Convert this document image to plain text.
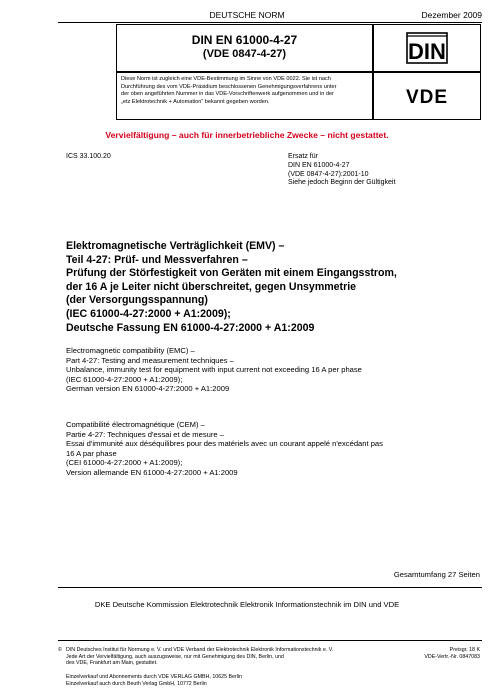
DEUTSCHE NORM	Dezember 2009
DIN EN 61000-4-27
(VDE 0847-4-27)	DIN
Diese Norm ist zugleich eine VDE-Bestimmung im Sinne von VDE 0022. Sie ist nach
Durchführung des vom VDE-Präsidium beschlossenen Genehmigungsverfahrens unter
der oben angeführten Nummer in das VDE-Vorschriftenwerk aufgenommen und in der
„etz Elektrotechnik + Automation“ bekannt gegeben worden.	VDE
Vervielfältigung – auch für innerbetriebliche Zwecke – nicht gestattet.
ICS 33.100.20	Ersatz für
DIN EN 61000-4-27
(VDE 0847-4-27):2001-10
Siehe jedoch Beginn der Gültigkeit
Elektromagnetische Verträglichkeit (EMV) –
Teil 4-27: Prüf- und Messverfahren –
Prüfung der Störfestigkeit von Geräten mit einem Eingangsstrom,
der 16 A je Leiter nicht überschreitet, gegen Unsymmetrie
(der Versorgungsspannung)
(IEC 61000-4-27:2000 + A1:2009);
Deutsche Fassung EN 61000-4-27:2000 + A1:2009
Electromagnetic compatibility (EMC) –
Part 4-27: Testing and measurement techniques –
Unbalance, immunity test for equipment with input current not exceeding 16 A per phase
(IEC 61000-4-27:2000 + A1:2009);
German version EN 61000-4-27:2000 + A1:2009
Compatibilité électromagnétique (CEM) –
Partie 4-27: Techniques d'essai et de mesure –
Essai d'immunité aux déséquilibres pour des matériels avec un courant appelé n'excédant pas
16 A par phase
(CEI 61000-4-27:2000 + A1:2009);
Version allemande EN 61000-4-27:2000 + A1:2009
Gesamtumfang 27 Seiten
DKE Deutsche Kommission Elektrotechnik Elektronik Informationstechnik im DIN und VDE
© DIN Deutsches Institut für Normung e. V. und VDE Verband der Elektrotechnik Elektronik Informationstechnik e. V.
Jede Art der Vervielfältigung, auch auszugsweise, nur mit Genehmigung des DIN, Berlin, und
des VDE, Frankfurt am Main, gestattet.
Preisgr. 18 K
VDE-Vertr.-Nr. 0847083
Einzelverkauf und Abonnements durch VDE VERLAG GMBH, 10625 Berlin
Einzelverkauf auch durch Beuth Verlag GmbH, 10772 Berlin
